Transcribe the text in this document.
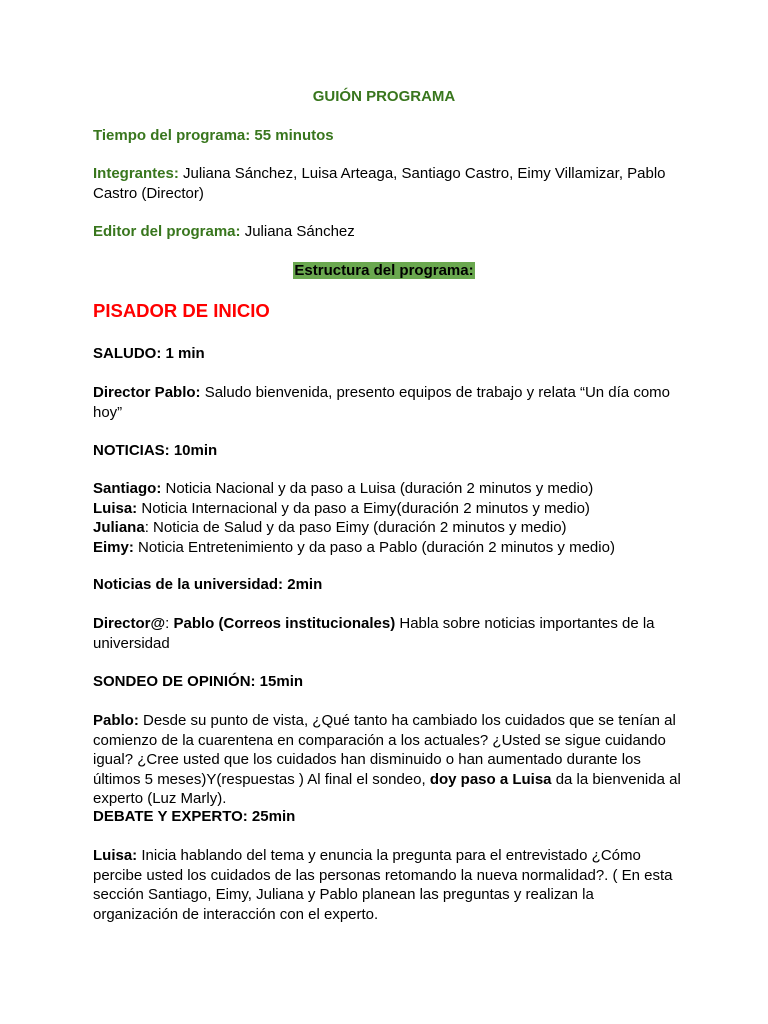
GUIÓN PROGRAMA

Tiempo del programa: 55 minutos

Integrantes: Juliana Sánchez, Luisa Arteaga, Santiago Castro, Eimy Villamizar, Pablo Castro (Director)

Editor del programa: Juliana Sánchez

Estructura del programa:

PISADOR DE INICIO

SALUDO: 1 min

Director Pablo: Saludo bienvenida, presento equipos de trabajo y relata “Un día como hoy”

NOTICIAS: 10min

Santiago: Noticia Nacional y da paso a Luisa (duración 2 minutos y medio)
Luisa: Noticia Internacional y da paso a Eimy(duración 2 minutos y medio)
Juliana: Noticia de Salud y da paso Eimy (duración 2 minutos y medio)
Eimy: Noticia Entretenimiento y da paso a Pablo (duración 2 minutos y medio)

Noticias de la universidad: 2min

Director@: Pablo (Correos institucionales) Habla sobre noticias importantes de la universidad

SONDEO DE OPINIÓN: 15min

Pablo: Desde su punto de vista, ¿Qué tanto ha cambiado los cuidados que se tenían al comienzo de la cuarentena en comparación a los actuales? ¿Usted se sigue cuidando igual? ¿Cree usted que los cuidados han disminuido o han aumentado durante los últimos 5 meses)Y(respuestas ) Al final el sondeo, doy paso a Luisa da la bienvenida al experto (Luz Marly).

DEBATE Y EXPERTO: 25min

Luisa: Inicia hablando del tema y enuncia la pregunta para el entrevistado ¿Cómo percibe usted los cuidados de las personas retomando la nueva normalidad?. ( En esta sección Santiago, Eimy, Juliana y Pablo planean las preguntas y realizan la organización de interacción con el experto.
